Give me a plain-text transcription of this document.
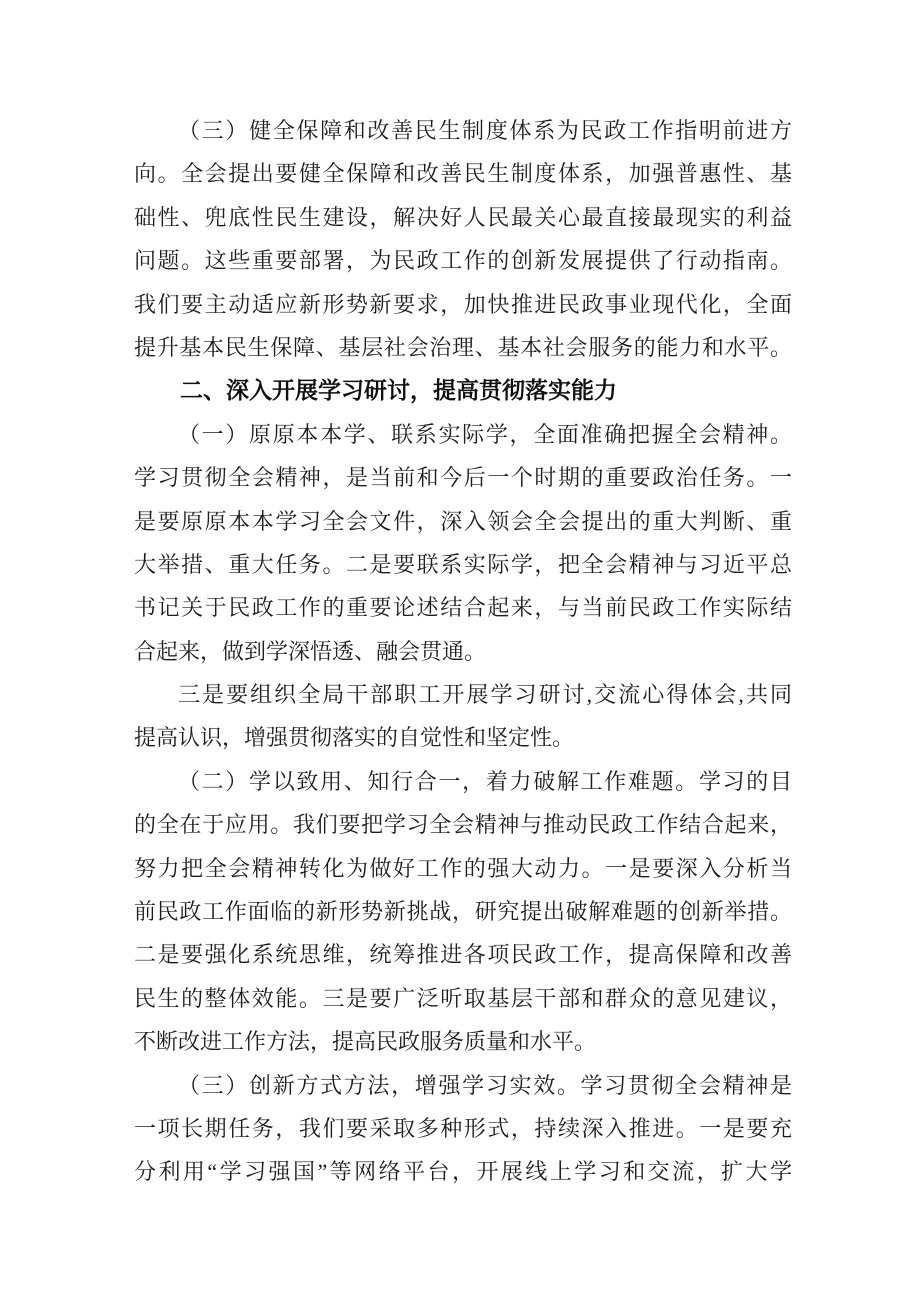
（三）健全保障和改善民生制度体系为民政工作指明前进方
向。全会提出要健全保障和改善民生制度体系，加强普惠性、基
础性、兜底性民生建设，解决好人民最关心最直接最现实的利益
问题。这些重要部署，为民政工作的创新发展提供了行动指南。
我们要主动适应新形势新要求，加快推进民政事业现代化，全面
提升基本民生保障、基层社会治理、基本社会服务的能力和水平。
二、深入开展学习研讨，提高贯彻落实能力
（一）原原本本学、联系实际学，全面准确把握全会精神。
学习贯彻全会精神，是当前和今后一个时期的重要政治任务。一
是要原原本本学习全会文件，深入领会全会提出的重大判断、重
大举措、重大任务。二是要联系实际学，把全会精神与习近平总
书记关于民政工作的重要论述结合起来，与当前民政工作实际结
合起来，做到学深悟透、融会贯通。
三是要组织全局干部职工开展学习研讨,交流心得体会,共同
提高认识，增强贯彻落实的自觉性和坚定性。
（二）学以致用、知行合一，着力破解工作难题。学习的目
的全在于应用。我们要把学习全会精神与推动民政工作结合起来，
努力把全会精神转化为做好工作的强大动力。一是要深入分析当
前民政工作面临的新形势新挑战，研究提出破解难题的创新举措。
二是要强化系统思维，统筹推进各项民政工作，提高保障和改善
民生的整体效能。三是要广泛听取基层干部和群众的意见建议，
不断改进工作方法，提高民政服务质量和水平。
（三）创新方式方法，增强学习实效。学习贯彻全会精神是
一项长期任务，我们要采取多种形式，持续深入推进。一是要充
分利用“学习强国”等网络平台，开展线上学习和交流，扩大学
